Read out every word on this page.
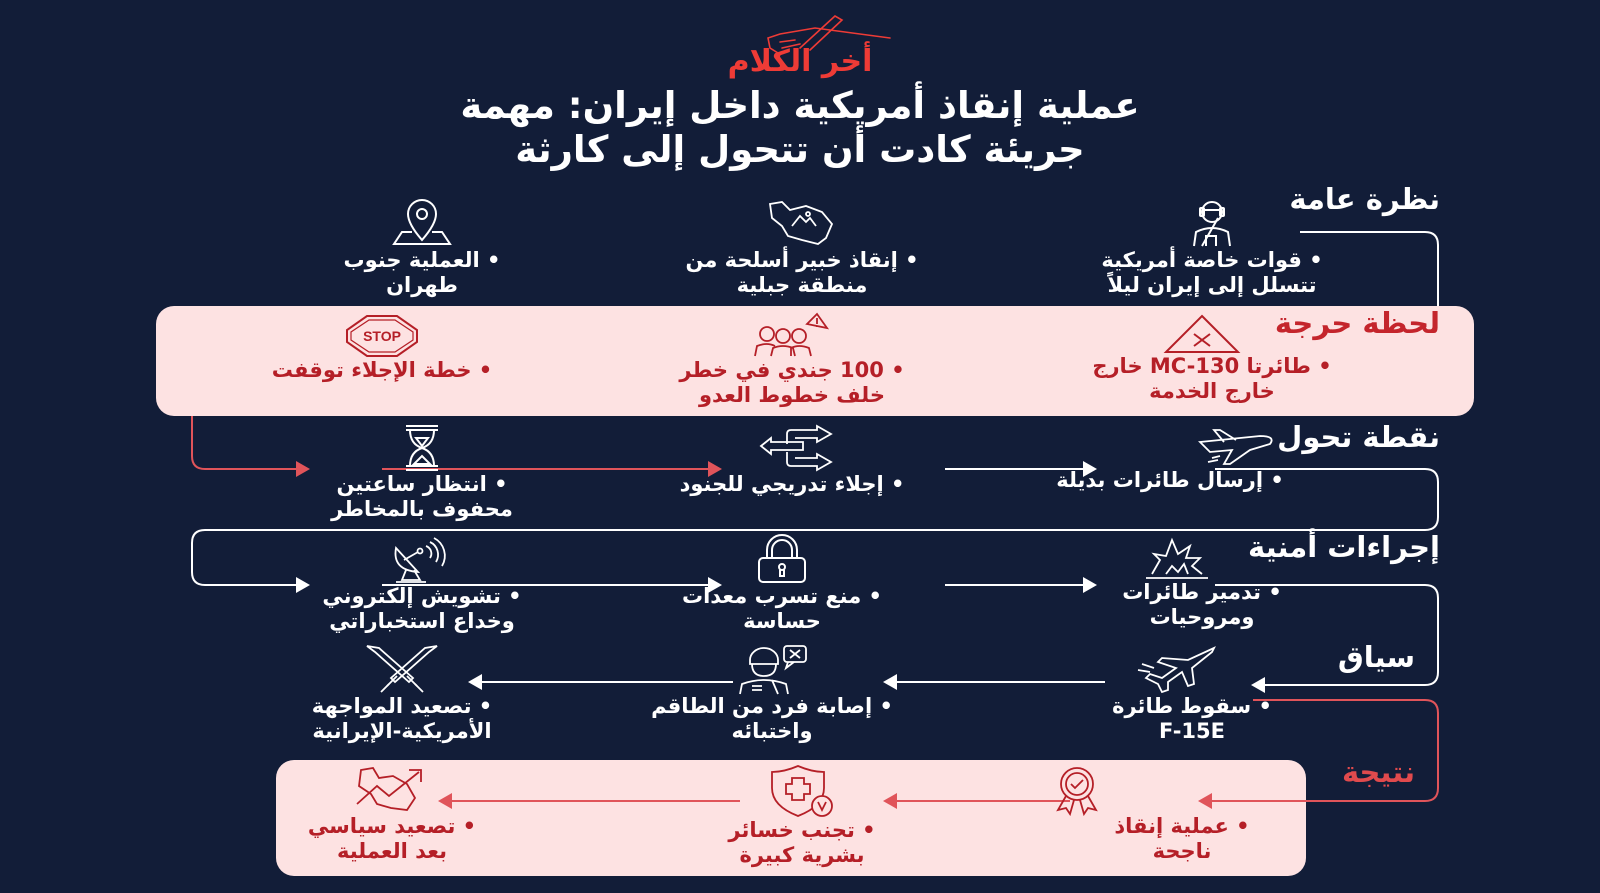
أخر الكلام
عملية إنقاذ أمريكية داخل إيران: مهمة
جريئة كادت أن تتحول إلى كارثة
نظرة عامة
لحظة حرجة
نقطة تحول
إجراءات أمنية
سياق
نتيجة
• قوات خاصة أمريكية
تتسلل إلى إيران ليلاً
• إنقاذ خبير أسلحة من
منطقة جبلية
• العملية جنوب
طهران
• طائرتا MC-130 خارج
خارج الخدمة
• 100 جندي في خطر
خلف خطوط العدو
STOP
• خطة الإجلاء توقفت
• إرسال طائرات بديلة
• إجلاء تدريجي للجنود
• انتظار ساعتين
محفوف بالمخاطر
• تدمير طائرات
ومروحيات
• منع تسرب معدات
حساسة
• تشويش إلكتروني
وخداع استخباراتي
• سقوط طائرة
F-15E
• إصابة فرد من الطاقم
واختبائه
• تصعيد المواجهة
الأمريكية-الإيرانية
• عملية إنقاذ
ناجحة
• تجنب خسائر
بشرية كبيرة
• تصعيد سياسي
بعد العملية
